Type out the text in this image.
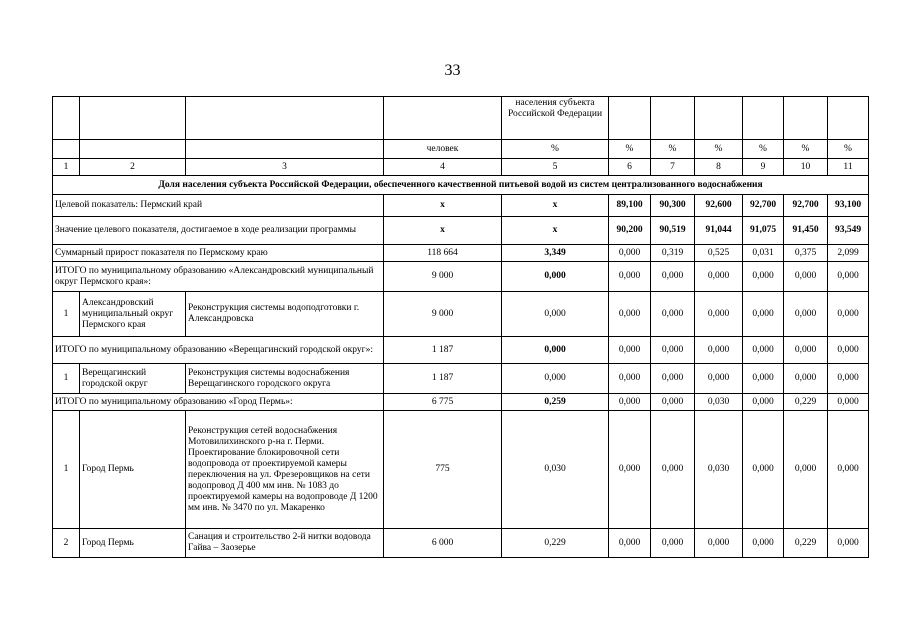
33
				населения субъекта Российской Федерации						
			человек	%	%	%	%	%	%	%
1	2	3	4	5	6	7	8	9	10	11
Доля населения субъекта Российской Федерации, обеспеченного качественной питьевой водой из систем централизованного водоснабжения										
Целевой показатель: Пермский край			x	x	89,100	90,300	92,600	92,700	92,700	93,100
Значение целевого показателя, достигаемое в ходе реализации программы			x	x	90,200	90,519	91,044	91,075	91,450	93,549
Суммарный прирост показателя по Пермскому краю			118 664	3,349	0,000	0,319	0,525	0,031	0,375	2,099
ИТОГО по муниципальному образованию «Александровский муниципальный округ Пермского края»:			9 000	0,000	0,000	0,000	0,000	0,000	0,000	0,000
1	Александровский муниципальный округ Пермского края	Реконструкция системы водоподготовки г. Александровска	9 000	0,000	0,000	0,000	0,000	0,000	0,000	0,000
ИТОГО по муниципальному образованию «Верещагинский городской округ»:			1 187	0,000	0,000	0,000	0,000	0,000	0,000	0,000
1	Верещагинский городской округ	Реконструкция системы водоснабжения Верещагинского городского округа	1 187	0,000	0,000	0,000	0,000	0,000	0,000	0,000
ИТОГО по муниципальному образованию «Город Пермь»:			6 775	0,259	0,000	0,000	0,030	0,000	0,229	0,000
1	Город Пермь	Реконструкция сетей водоснабжения Мотовилихинского р-на г. Перми. Проектирование блокировочной сети водопровода от проектируемой камеры переключения на ул. Фрезеровщиков на сети водопровод Д 400 мм инв. № 1083 до проектируемой камеры на водопроводе Д 1200 мм инв. № 3470 по ул. Макаренко	775	0,030	0,000	0,000	0,030	0,000	0,000	0,000
2	Город Пермь	Санация и строительство 2-й нитки водовода Гайва – Заозерье	6 000	0,229	0,000	0,000	0,000	0,000	0,229	0,000
